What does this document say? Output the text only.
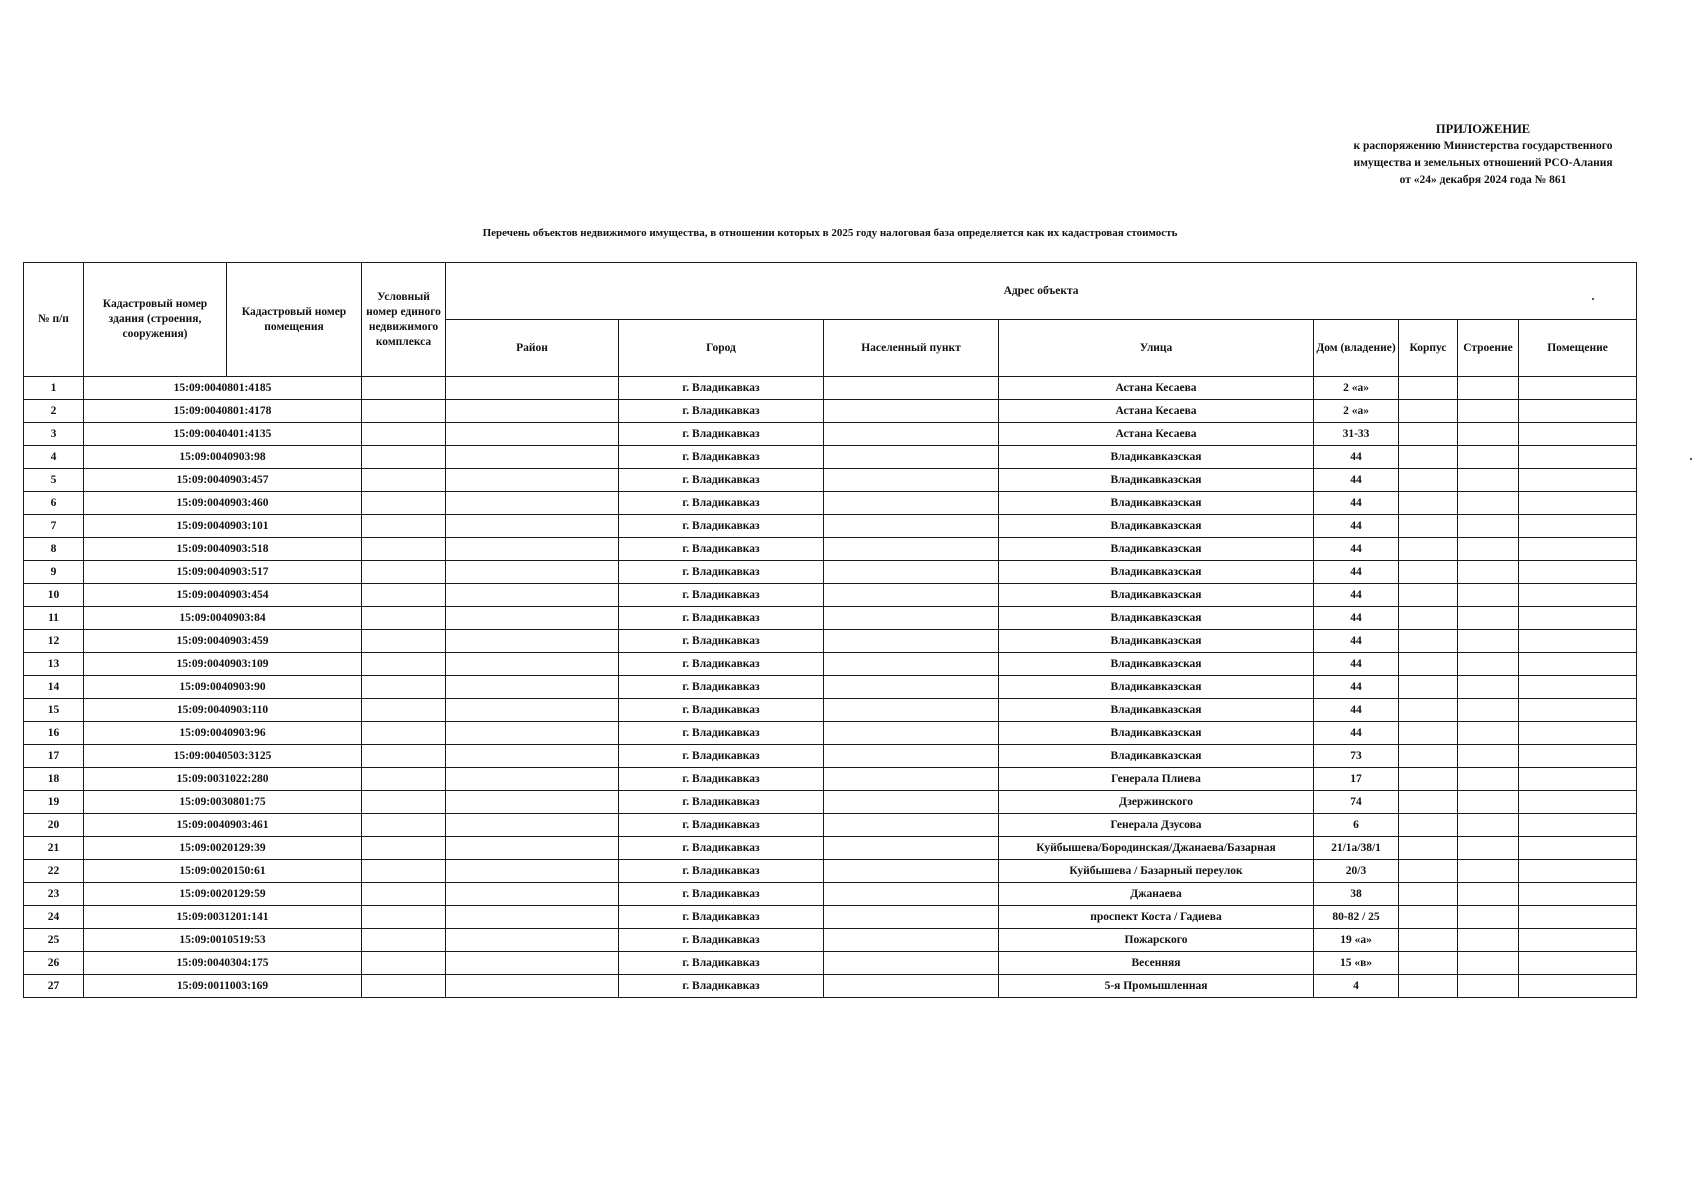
ПРИЛОЖЕНИЕ
к распоряжению Министерства государственного
имущества и земельных отношений РСО-Алания
от «24» декабря 2024 года № 861
Перечень объектов недвижимого имущества, в отношении которых в 2025 году налоговая база определяется как их кадастровая стоимость
№ п/п	Кадастровый номер здания (строения, сооружения)	Кадастровый номер помещения	Условный номер единого недвижимого комплекса	Адрес объекта							
				Район	Город	Населенный пункт	Улица	Дом (владение)	Корпус	Строение	Помещение
1	15:09:0040801:4185				г. Владикавказ		Астана Кесаева	2 «а»			
2	15:09:0040801:4178				г. Владикавказ		Астана Кесаева	2 «а»			
3	15:09:0040401:4135				г. Владикавказ		Астана Кесаева	31-33			
4	15:09:0040903:98				г. Владикавказ		Владикавказская	44			
5	15:09:0040903:457				г. Владикавказ		Владикавказская	44			
6	15:09:0040903:460				г. Владикавказ		Владикавказская	44			
7	15:09:0040903:101				г. Владикавказ		Владикавказская	44			
8	15:09:0040903:518				г. Владикавказ		Владикавказская	44			
9	15:09:0040903:517				г. Владикавказ		Владикавказская	44			
10	15:09:0040903:454				г. Владикавказ		Владикавказская	44			
11	15:09:0040903:84				г. Владикавказ		Владикавказская	44			
12	15:09:0040903:459				г. Владикавказ		Владикавказская	44			
13	15:09:0040903:109				г. Владикавказ		Владикавказская	44			
14	15:09:0040903:90				г. Владикавказ		Владикавказская	44			
15	15:09:0040903:110				г. Владикавказ		Владикавказская	44			
16	15:09:0040903:96				г. Владикавказ		Владикавказская	44			
17	15:09:0040503:3125				г. Владикавказ		Владикавказская	73			
18	15:09:0031022:280				г. Владикавказ		Генерала Плиева	17			
19	15:09:0030801:75				г. Владикавказ		Дзержинского	74			
20	15:09:0040903:461				г. Владикавказ		Генерала Дзусова	6			
21	15:09:0020129:39				г. Владикавказ		Куйбышева/Бородинская/Джанаева/Базарная	21/1а/38/1			
22	15:09:0020150:61				г. Владикавказ		Куйбышева / Базарный переулок	20/3			
23	15:09:0020129:59				г. Владикавказ		Джанаева	38			
24	15:09:0031201:141				г. Владикавказ		проспект Коста / Гадиева	80-82 / 25			
25	15:09:0010519:53				г. Владикавказ		Пожарского	19 «а»			
26	15:09:0040304:175				г. Владикавказ		Весенняя	15 «в»			
27	15:09:0011003:169				г. Владикавказ		5-я Промышленная	4			
